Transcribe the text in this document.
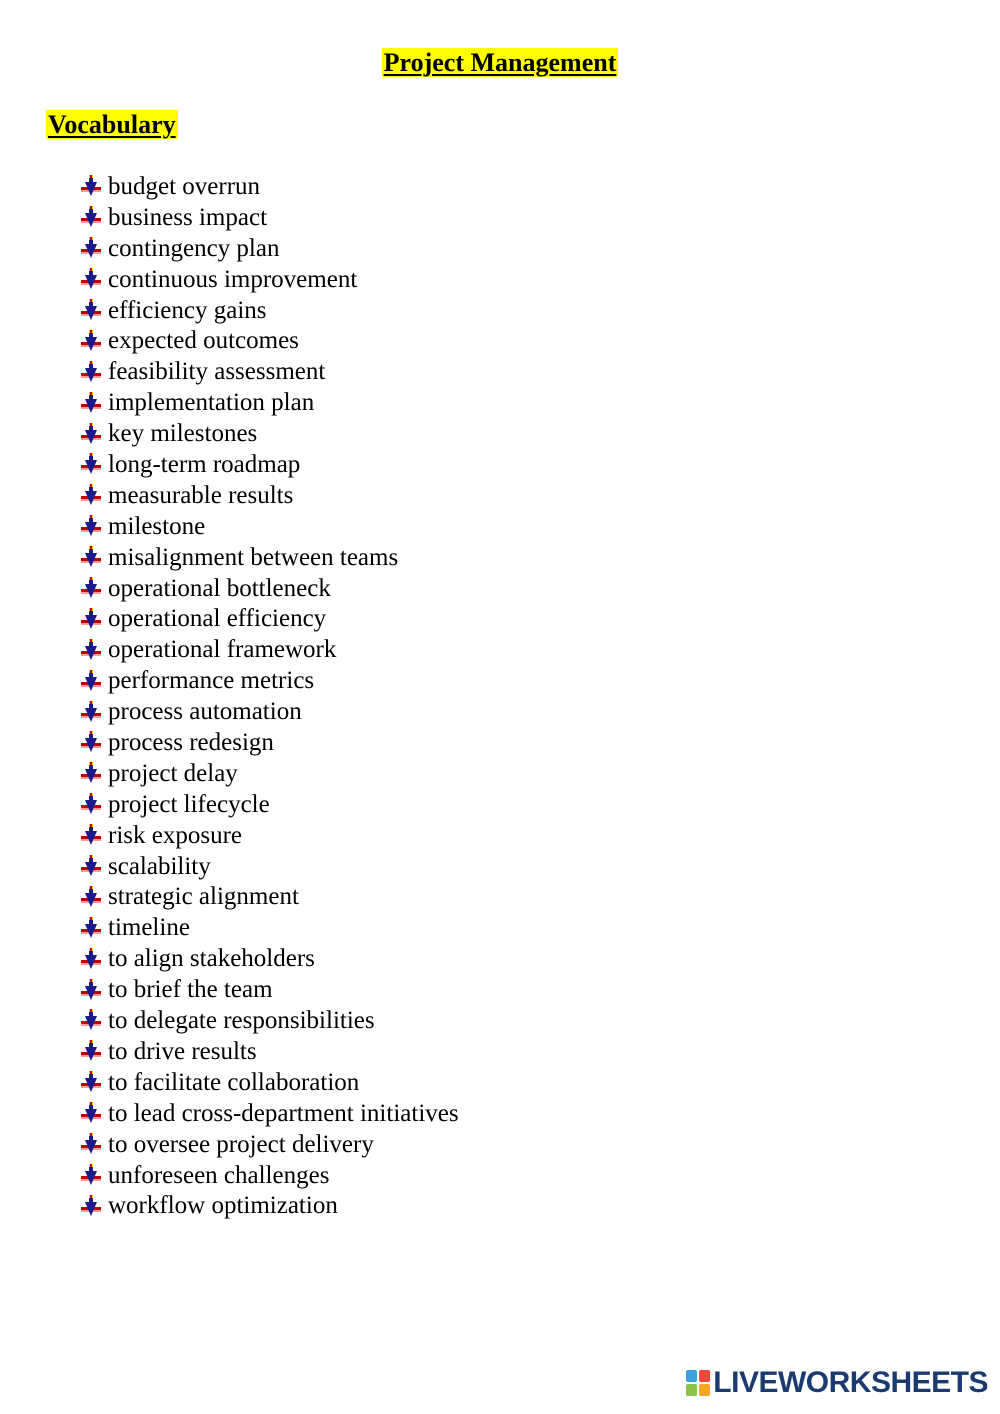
Project Management
Vocabulary
budget overrun
business impact
contingency plan
continuous improvement
efficiency gains
expected outcomes
feasibility assessment
implementation plan
key milestones
long-term roadmap
measurable results
milestone
misalignment between teams
operational bottleneck
operational efficiency
operational framework
performance metrics
process automation
process redesign
project delay
project lifecycle
risk exposure
scalability
strategic alignment
timeline
to align stakeholders
to brief the team
to delegate responsibilities
to drive results
to facilitate collaboration
to lead cross-department initiatives
to oversee project delivery
unforeseen challenges
workflow optimization
LIVEWORKSHEETS
